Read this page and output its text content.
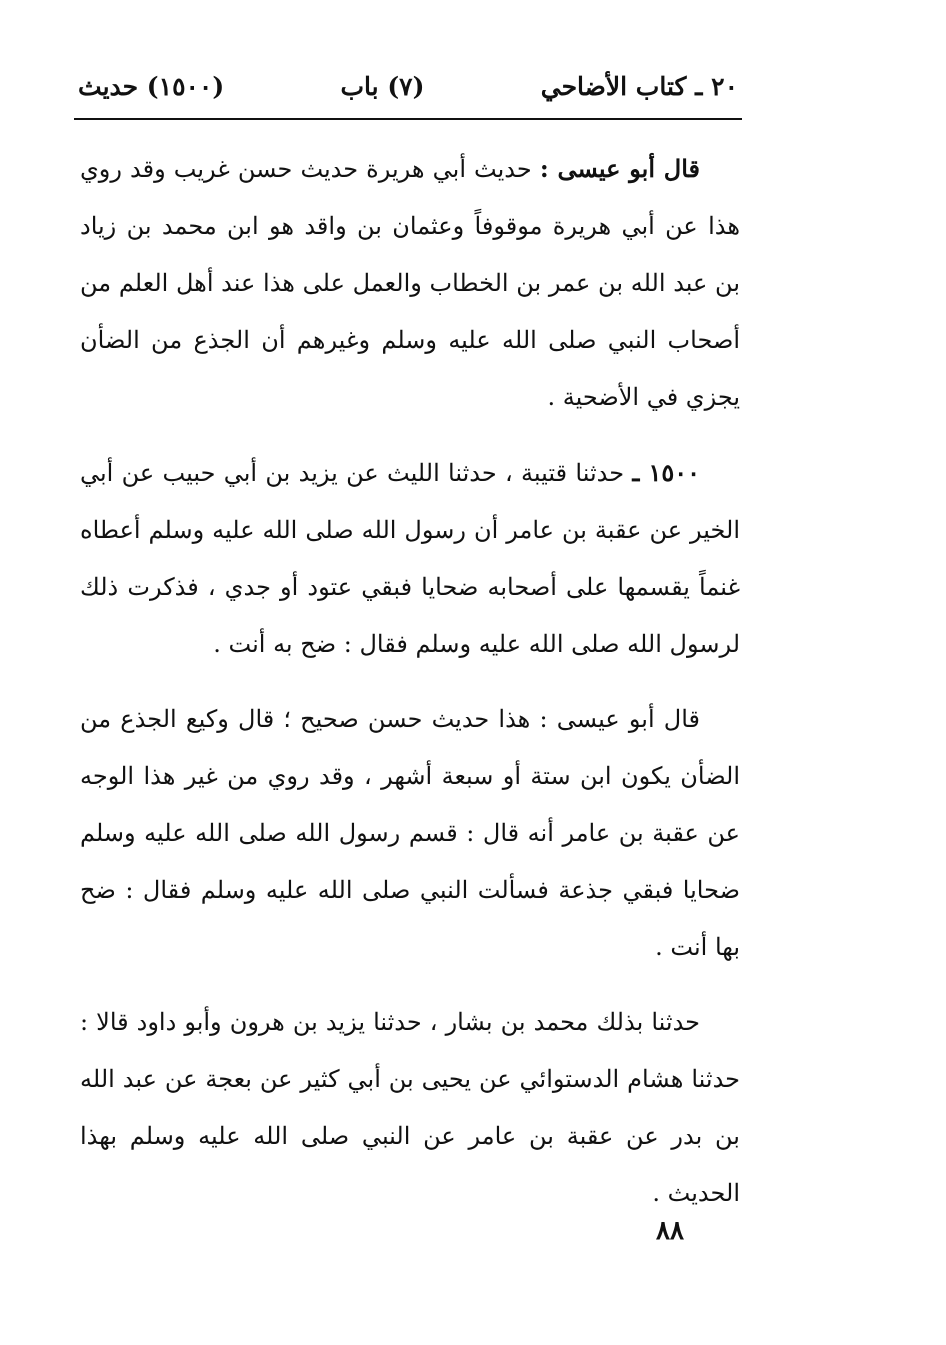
٢٠ ـ كتاب الأضاحي
(٧) باب
(١٥٠٠) حديث

قال أبو عيسى : حديث أبي هريرة حديث حسن غريب وقد روي هذا عن أبي هريرة موقوفاً وعثمان بن واقد هو ابن محمد بن زياد بن عبد الله بن عمر بن الخطاب والعمل على هذا عند أهل العلم من أصحاب النبي صلى الله عليه وسلم وغيرهم أن الجذع من الضأن يجزي في الأضحية .

١٥٠٠ ـ حدثنا قتيبة ، حدثنا الليث عن يزيد بن أبي حبيب عن أبي الخير عن عقبة بن عامر أن رسول الله صلى الله عليه وسلم أعطاه غنماً يقسمها على أصحابه ضحايا فبقي عتود أو جدي ، فذكرت ذلك لرسول الله صلى الله عليه وسلم فقال : ضح به أنت .

قال أبو عيسى : هذا حديث حسن صحيح ؛ قال وكيع الجذع من الضأن يكون ابن ستة أو سبعة أشهر ، وقد روي من غير هذا الوجه عن عقبة بن عامر أنه قال : قسم رسول الله صلى الله عليه وسلم ضحايا فبقي جذعة فسألت النبي صلى الله عليه وسلم فقال : ضح بها أنت .

حدثنا بذلك محمد بن بشار ، حدثنا يزيد بن هرون وأبو داود قالا : حدثنا هشام الدستوائي عن يحيى بن أبي كثير عن بعجة عن عبد الله بن بدر عن عقبة بن عامر عن النبي صلى الله عليه وسلم بهذا الحديث .

٨٨
